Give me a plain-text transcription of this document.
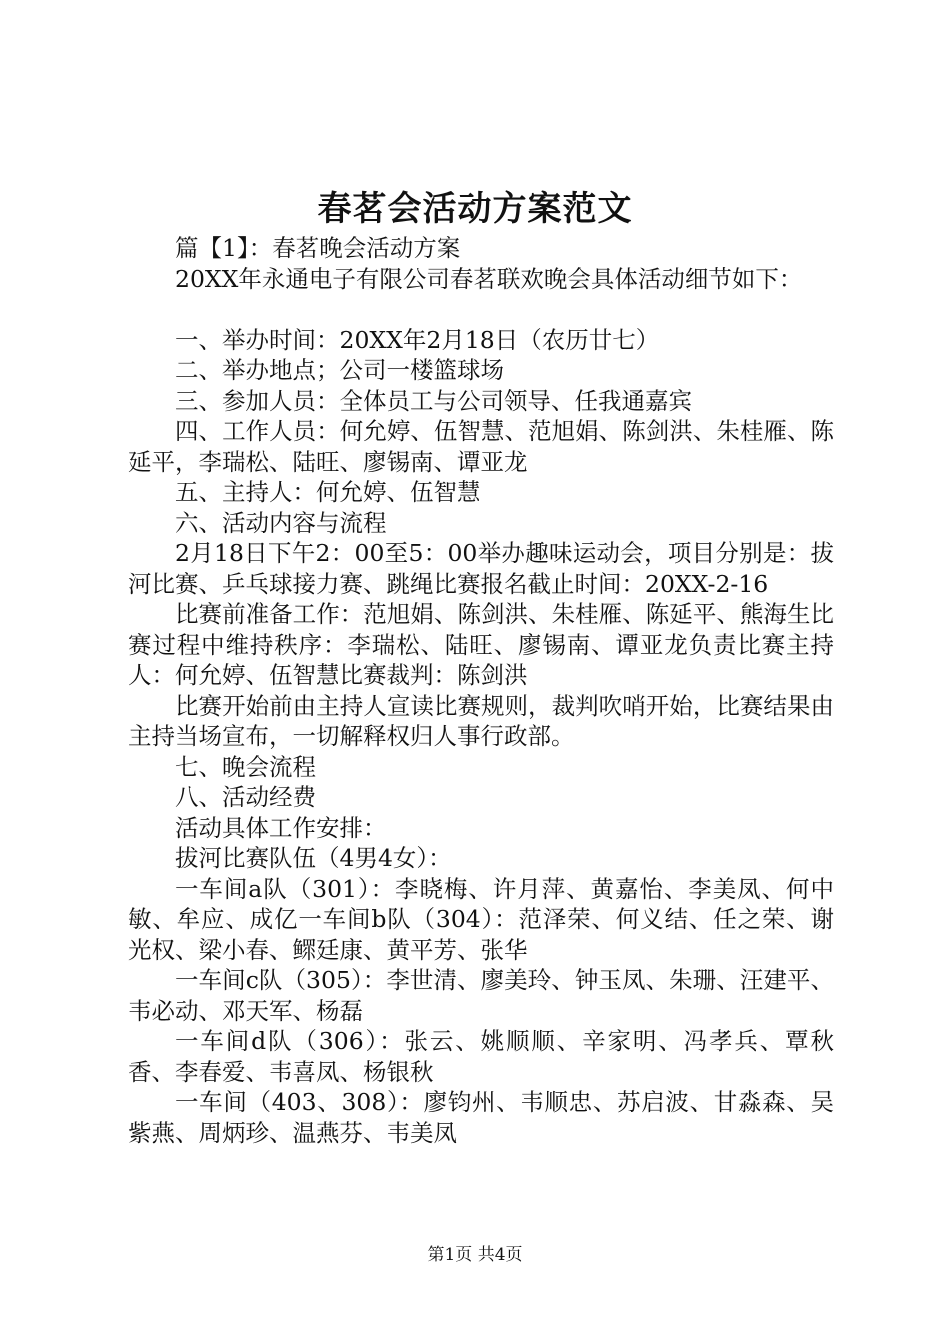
春茗会活动方案范文

篇【1】：春茗晚会活动方案

20XX年永通电子有限公司春茗联欢晚会具体活动细节如下：

一、举办时间：20XX年2月18日（农历廿七）

二、举办地点；公司一楼篮球场

三、参加人员：全体员工与公司领导、任我通嘉宾

四、工作人员：何允婷、伍智慧、范旭娟、陈剑洪、朱桂雁、陈延平，李瑞松、陆旺、廖锡南、谭亚龙

五、主持人：何允婷、伍智慧

六、活动内容与流程

2月18日下午2：00至5：00举办趣味运动会，项目分别是：拔河比赛、乒乓球接力赛、跳绳比赛报名截止时间：20XX-2-16

比赛前准备工作：范旭娟、陈剑洪、朱桂雁、陈延平、熊海生比赛过程中维持秩序：李瑞松、陆旺、廖锡南、谭亚龙负责比赛主持人：何允婷、伍智慧比赛裁判：陈剑洪

比赛开始前由主持人宣读比赛规则，裁判吹哨开始，比赛结果由主持当场宣布，一切解释权归人事行政部。

七、晚会流程

八、活动经费

活动具体工作安排：

拔河比赛队伍（4男4女）：

一车间a队（301）：李晓梅、许月萍、黄嘉怡、李美凤、何中敏、牟应、成亿一车间b队（304）：范泽荣、何义结、任之荣、谢光权、梁小春、鳏廷康、黄平芳、张华

一车间c队（305）：李世清、廖美玲、钟玉凤、朱珊、汪建平、韦必动、邓天军、杨磊

一车间d队（306）：张云、姚顺顺、辛家明、冯孝兵、覃秋香、李春爱、韦喜凤、杨银秋

一车间（403、308）：廖钧州、韦顺忠、苏启波、甘淼森、吴紫燕、周炳珍、温燕芬、韦美凤

第1页 共4页
